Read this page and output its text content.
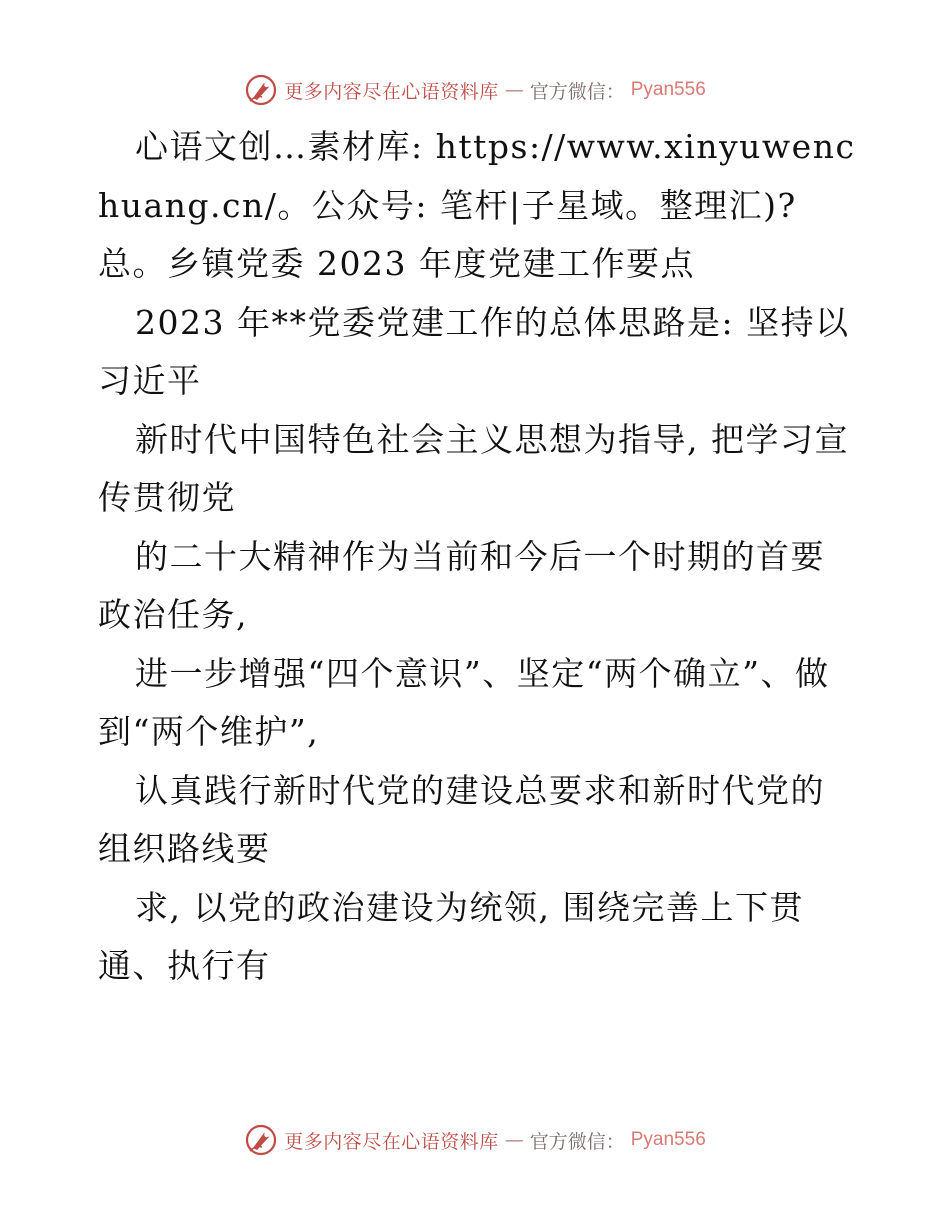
更多内容尽在心语资料库 — 官方微信： Pyan556

心语文创…素材库: https://www.xinyuwenchuang.cn/。公众号: 笔杆|子星域。整理汇)?总。乡镇党委 2023 年度党建工作要点

2023 年**党委党建工作的总体思路是: 坚持以习近平

新时代中国特色社会主义思想为指导, 把学习宣传贯彻党

的二十大精神作为当前和今后一个时期的首要政治任务,

进一步增强“四个意识”、坚定“两个确立”、做到“两个维护”,

认真践行新时代党的建设总要求和新时代党的组织路线要

求, 以党的政治建设为统领, 围绕完善上下贯通、执行有

更多内容尽在心语资料库 — 官方微信： Pyan556
